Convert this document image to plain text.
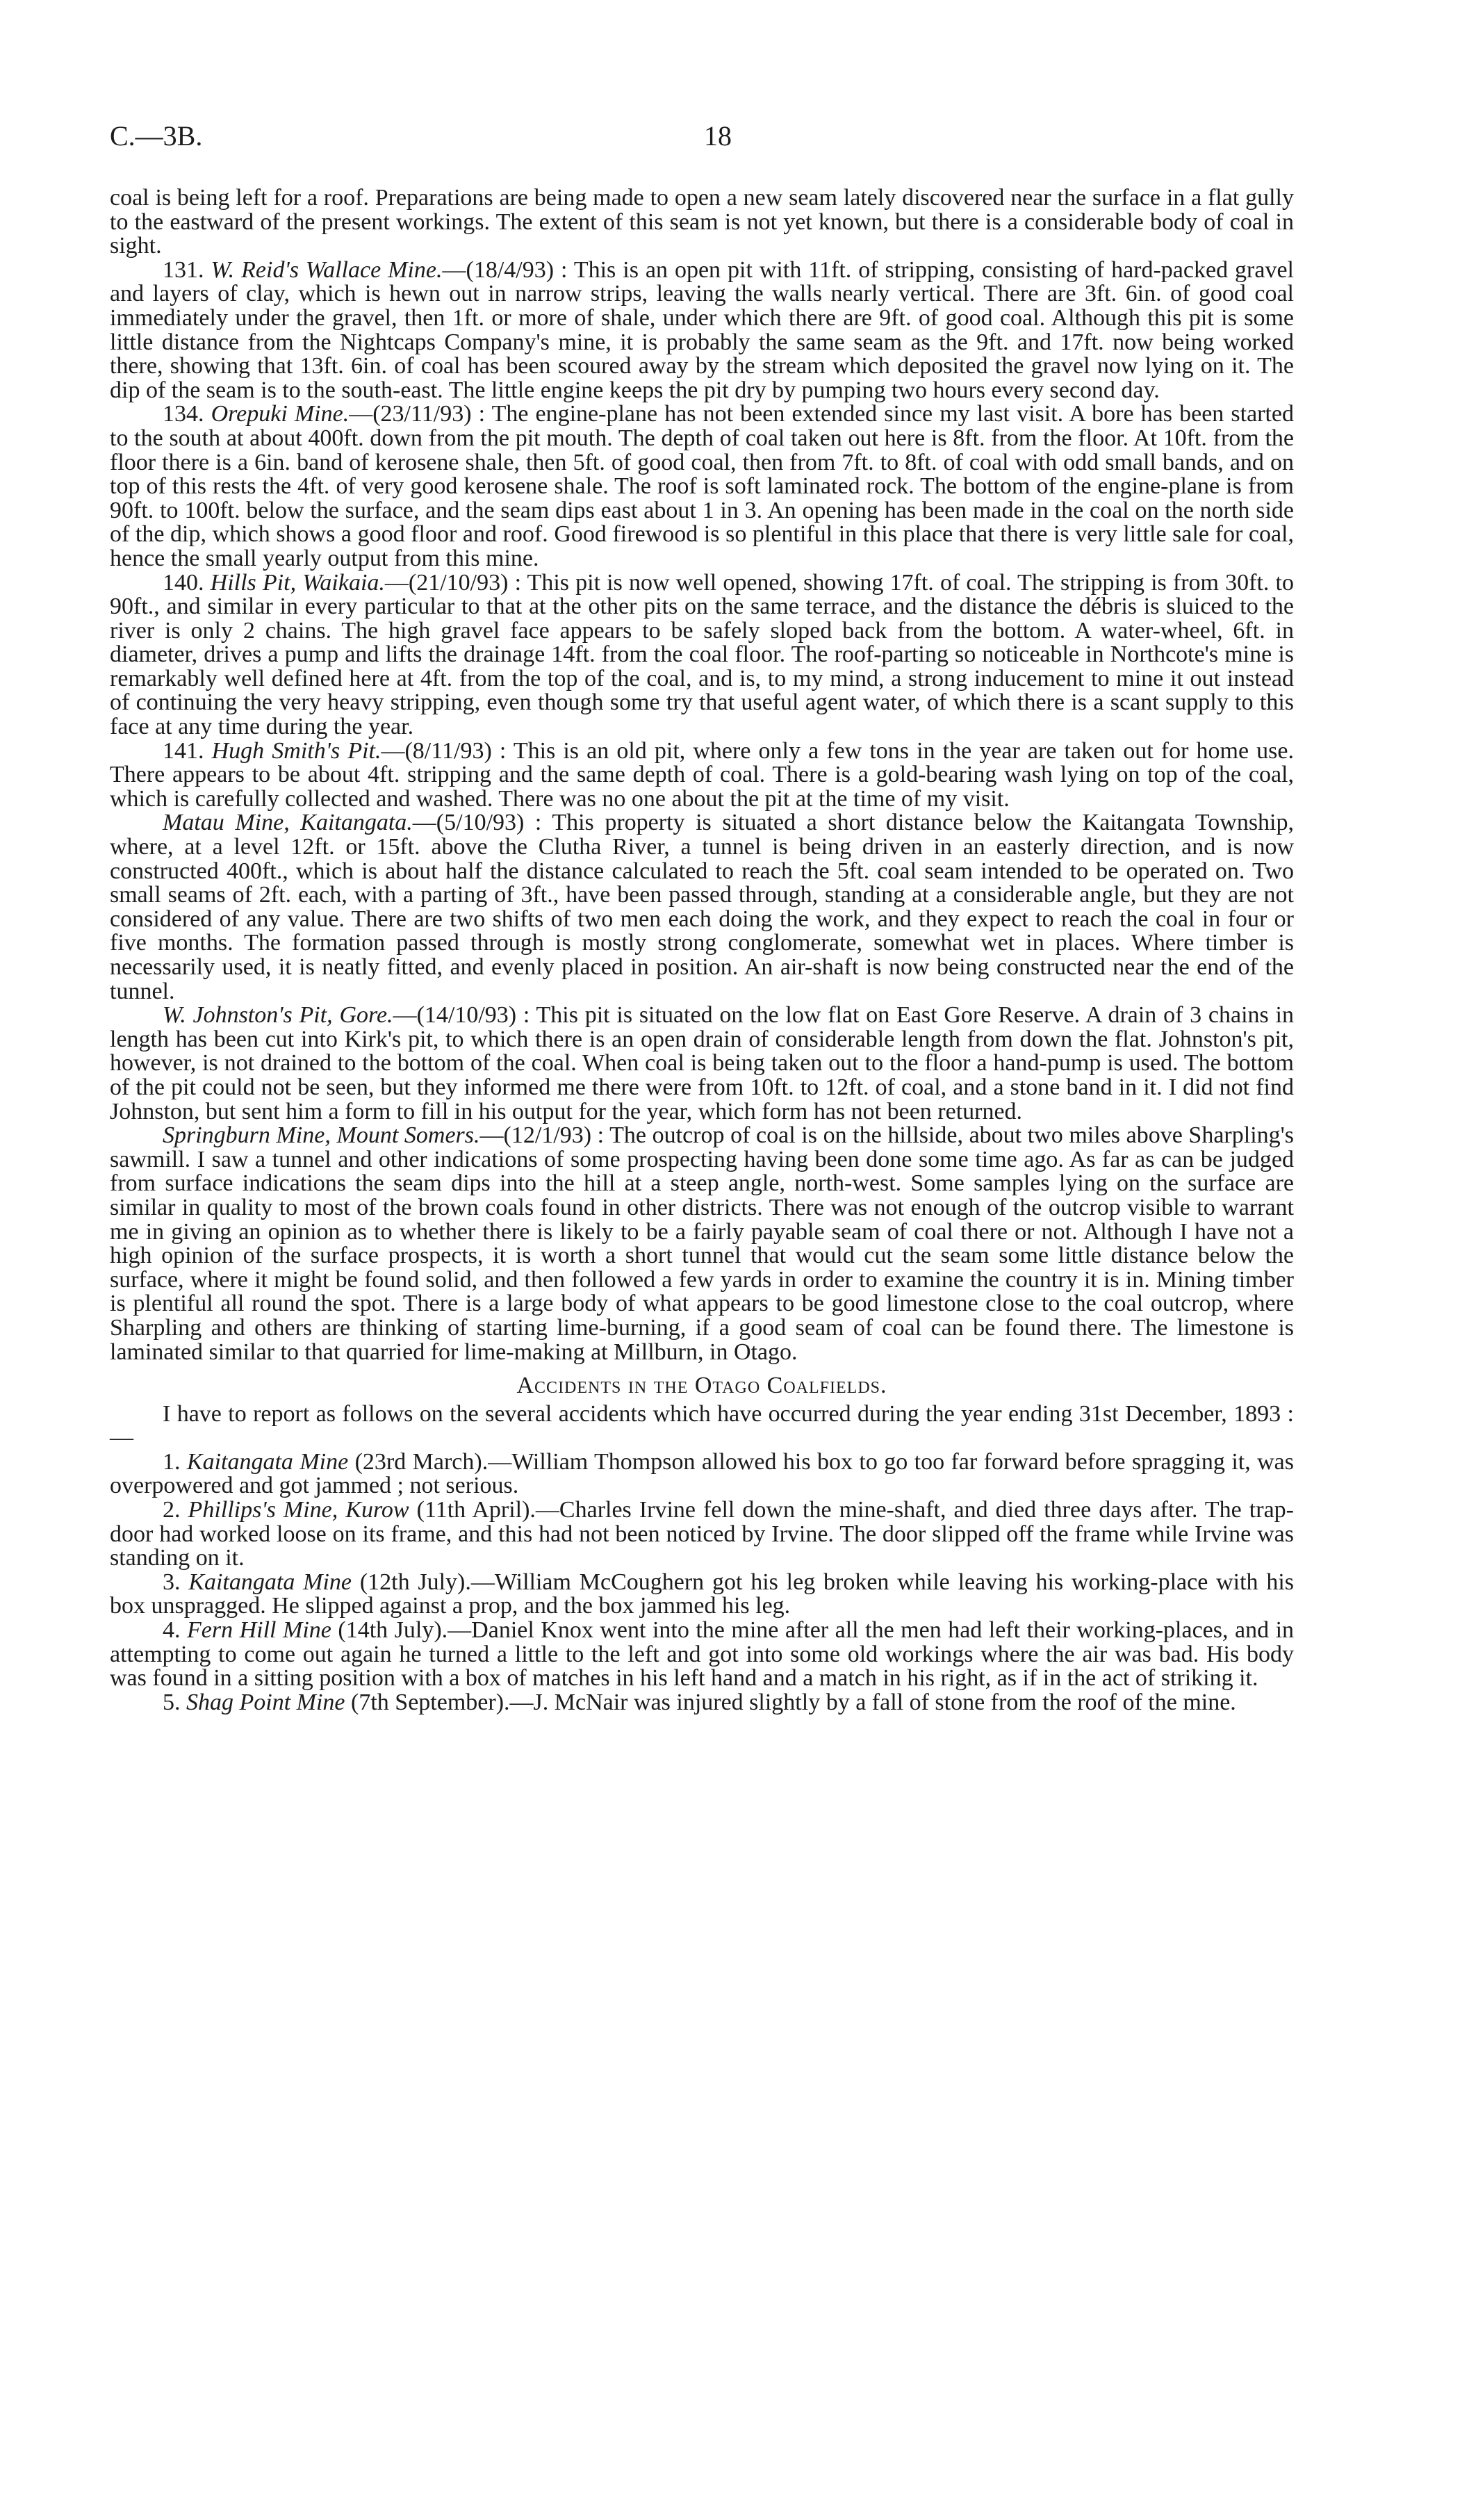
C.—3B.	18

coal is being left for a roof. Preparations are being made to open a new seam lately discovered near the surface in a flat gully to the eastward of the present workings. The extent of this seam is not yet known, but there is a considerable body of coal in sight.

131. W. Reid's Wallace Mine.—(18/4/93) : This is an open pit with 11ft. of stripping, consisting of hard-packed gravel and layers of clay, which is hewn out in narrow strips, leaving the walls nearly vertical. There are 3ft. 6in. of good coal immediately under the gravel, then 1ft. or more of shale, under which there are 9ft. of good coal. Although this pit is some little distance from the Nightcaps Company's mine, it is probably the same seam as the 9ft. and 17ft. now being worked there, showing that 13ft. 6in. of coal has been scoured away by the stream which deposited the gravel now lying on it. The dip of the seam is to the south-east. The little engine keeps the pit dry by pumping two hours every second day.

134. Orepuki Mine.—(23/11/93) : The engine-plane has not been extended since my last visit. A bore has been started to the south at about 400ft. down from the pit mouth. The depth of coal taken out here is 8ft. from the floor. At 10ft. from the floor there is a 6in. band of kerosene shale, then 5ft. of good coal, then from 7ft. to 8ft. of coal with odd small bands, and on top of this rests the 4ft. of very good kerosene shale. The roof is soft laminated rock. The bottom of the engine-plane is from 90ft. to 100ft. below the surface, and the seam dips east about 1 in 3. An opening has been made in the coal on the north side of the dip, which shows a good floor and roof. Good firewood is so plentiful in this place that there is very little sale for coal, hence the small yearly output from this mine.

140. Hills Pit, Waikaia.—(21/10/93) : This pit is now well opened, showing 17ft. of coal. The stripping is from 30ft. to 90ft., and similar in every particular to that at the other pits on the same terrace, and the distance the débris is sluiced to the river is only 2 chains. The high gravel face appears to be safely sloped back from the bottom. A water-wheel, 6ft. in diameter, drives a pump and lifts the drainage 14ft. from the coal floor. The roof-parting so noticeable in Northcote's mine is remarkably well defined here at 4ft. from the top of the coal, and is, to my mind, a strong inducement to mine it out instead of continuing the very heavy stripping, even though some try that useful agent water, of which there is a scant supply to this face at any time during the year.

141. Hugh Smith's Pit.—(8/11/93) : This is an old pit, where only a few tons in the year are taken out for home use. There appears to be about 4ft. stripping and the same depth of coal. There is a gold-bearing wash lying on top of the coal, which is carefully collected and washed. There was no one about the pit at the time of my visit.

Matau Mine, Kaitangata.—(5/10/93) : This property is situated a short distance below the Kaitangata Township, where, at a level 12ft. or 15ft. above the Clutha River, a tunnel is being driven in an easterly direction, and is now constructed 400ft., which is about half the distance calculated to reach the 5ft. coal seam intended to be operated on. Two small seams of 2ft. each, with a parting of 3ft., have been passed through, standing at a considerable angle, but they are not considered of any value. There are two shifts of two men each doing the work, and they expect to reach the coal in four or five months. The formation passed through is mostly strong conglomerate, somewhat wet in places. Where timber is necessarily used, it is neatly fitted, and evenly placed in position. An air-shaft is now being constructed near the end of the tunnel.

W. Johnston's Pit, Gore.—(14/10/93) : This pit is situated on the low flat on East Gore Reserve. A drain of 3 chains in length has been cut into Kirk's pit, to which there is an open drain of considerable length from down the flat. Johnston's pit, however, is not drained to the bottom of the coal. When coal is being taken out to the floor a hand-pump is used. The bottom of the pit could not be seen, but they informed me there were from 10ft. to 12ft. of coal, and a stone band in it. I did not find Johnston, but sent him a form to fill in his output for the year, which form has not been returned.

Springburn Mine, Mount Somers.—(12/1/93) : The outcrop of coal is on the hillside, about two miles above Sharpling's sawmill. I saw a tunnel and other indications of some prospecting having been done some time ago. As far as can be judged from surface indications the seam dips into the hill at a steep angle, north-west. Some samples lying on the surface are similar in quality to most of the brown coals found in other districts. There was not enough of the outcrop visible to warrant me in giving an opinion as to whether there is likely to be a fairly payable seam of coal there or not. Although I have not a high opinion of the surface prospects, it is worth a short tunnel that would cut the seam some little distance below the surface, where it might be found solid, and then followed a few yards in order to examine the country it is in. Mining timber is plentiful all round the spot. There is a large body of what appears to be good limestone close to the coal outcrop, where Sharpling and others are thinking of starting lime-burning, if a good seam of coal can be found there. The limestone is laminated similar to that quarried for lime-making at Millburn, in Otago.

Accidents in the Otago Coalfields.

I have to report as follows on the several accidents which have occurred during the year ending 31st December, 1893 :—

1. Kaitangata Mine (23rd March).—William Thompson allowed his box to go too far forward before spragging it, was overpowered and got jammed ; not serious.

2. Phillips's Mine, Kurow (11th April).—Charles Irvine fell down the mine-shaft, and died three days after. The trap-door had worked loose on its frame, and this had not been noticed by Irvine. The door slipped off the frame while Irvine was standing on it.

3. Kaitangata Mine (12th July).—William McCoughern got his leg broken while leaving his working-place with his box unspragged. He slipped against a prop, and the box jammed his leg.

4. Fern Hill Mine (14th July).—Daniel Knox went into the mine after all the men had left their working-places, and in attempting to come out again he turned a little to the left and got into some old workings where the air was bad. His body was found in a sitting position with a box of matches in his left hand and a match in his right, as if in the act of striking it.

5. Shag Point Mine (7th September).—J. McNair was injured slightly by a fall of stone from the roof of the mine.
